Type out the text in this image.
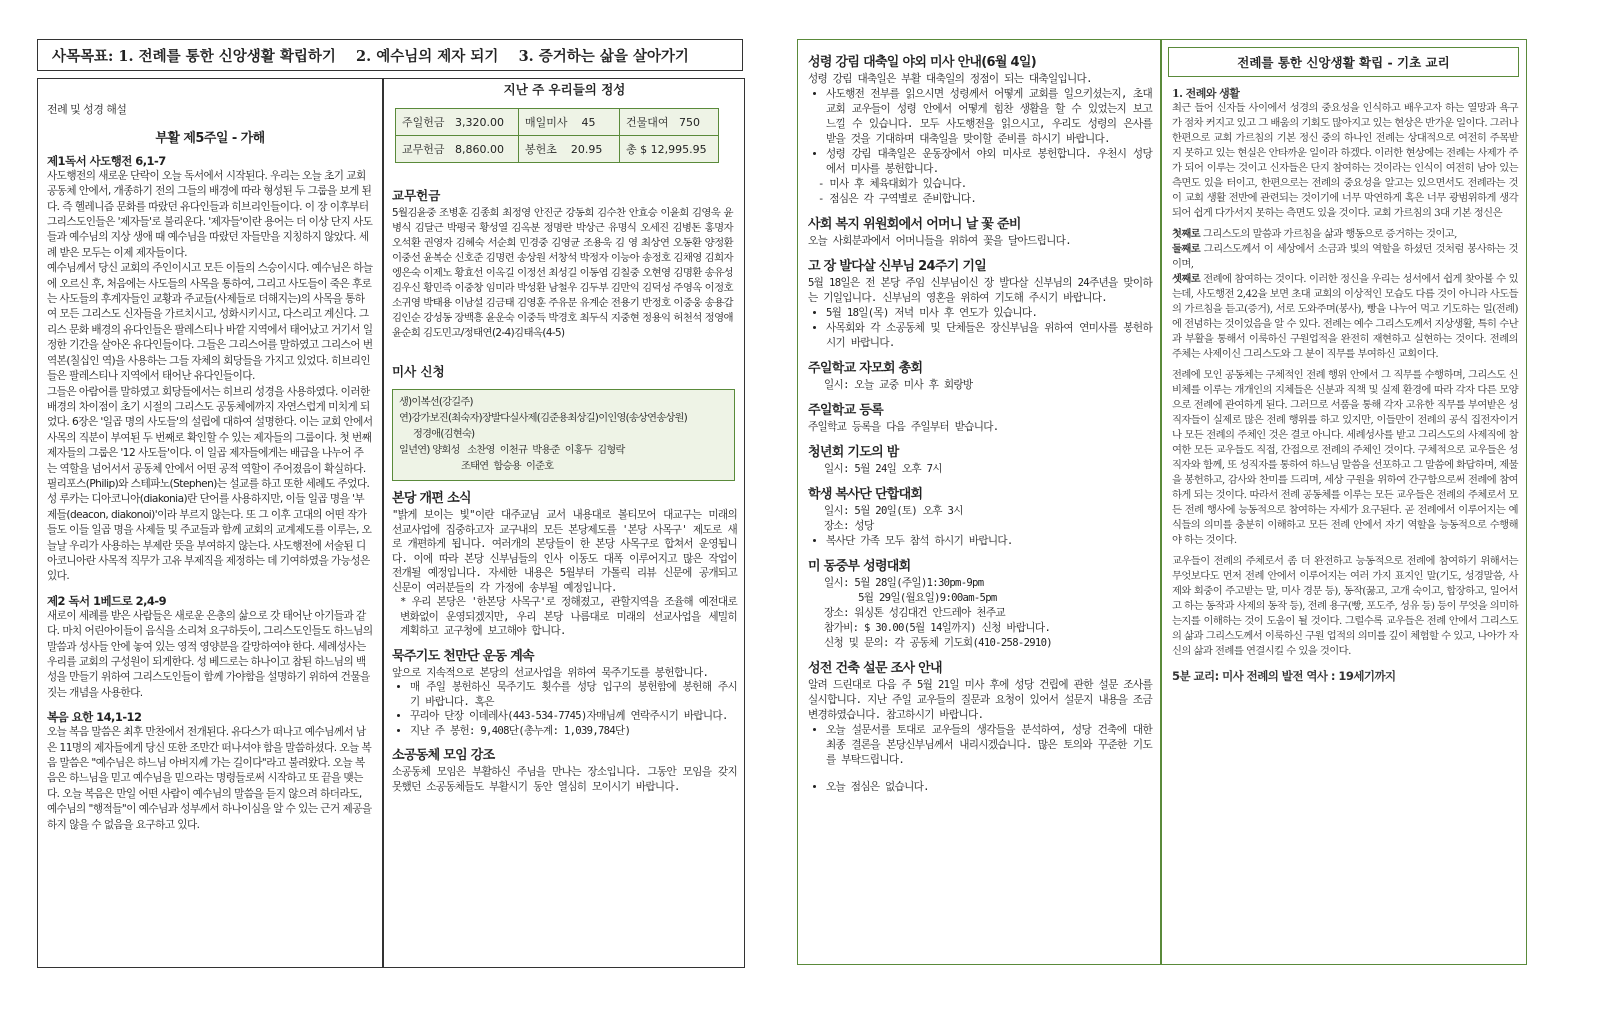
사목목표: 1. 전례를 통한 신앙생활 확립하기    2. 예수님의 제자 되기    3. 증거하는 삶을 살아가기

전례 및 성경 해설

부활 제5주일 - 가해

제1독서 사도행전 6,1-7

사도행전의 새로운 단락이 오늘 독서에서 시작된다. 우리는 오늘 초기 교회 공동체 안에서, 개종하기 전의 그들의 배경에 따라 형성된 두 그룹을 보게 된다. 즉 헬레니즘 문화를 따랐던 유다인들과 히브리인들이다. 이 장 이후부터 그리스도인들은 '제자들'로 불리운다. '제자들'이란 용어는 더 이상 단지 사도들과 예수님의 지상 생애 때 예수님을 따랐던 자들만을 지칭하지 않았다. 세례 받은 모두는 이제 제자들이다.
예수님께서 당신 교회의 주인이시고 모든 이들의 스승이시다. 예수님은 하늘에 오르신 후, 처음에는 사도들의 사목을 통하여, 그리고 사도들이 죽은 후로는 사도들의 후계자들인 교황과 주교들(사제들로 더해지는)의 사목을 통하여 모든 그리스도 신자들을 가르치시고, 성화시키시고, 다스리고 계신다. 그리스 문화 배경의 유다인들은 팔레스티나 바깥 지역에서 태어났고 거기서 일정한 기간을 살아온 유다인들이다. 그들은 그리스어를 말하였고 그리스어 번역본(칠십인 역)을 사용하는 그들 자체의 회당들을 가지고 있었다. 히브리인들은 팔레스티나 지역에서 태어난 유다인들이다.
그들은 아람어를 말하였고 회당들에서는 히브리 성경을 사용하였다. 이러한 배경의 차이점이 초기 시절의 그리스도 공동체에까지 자연스럽게 미치게 되었다. 6장은 '일곱 명의 사도들'의 설립에 대하여 설명한다. 이는 교회 안에서 사목의 직분이 부여된 두 번째로 확인할 수 있는 제자들의 그룹이다. 첫 번째 제자들의 그룹은 '12 사도들'이다. 이 일곱 제자들에게는 배급을 나누어 주는 역할을 넘어서서 공동체 안에서 어떤 공적 역할이 주어졌음이 확실하다. 필리포스(Philip)와 스테파노(Stephen)는 설교를 하고 또한 세례도 주었다. 성 루카는 디아코니아(diakonia)란 단어를 사용하지만, 이들 일곱 명을 '부제들(deacon, diakonoi)'이라 부르지 않는다. 또 그 이후 고대의 어떤 작가들도 이들 일곱 명을 사제들 및 주교들과 함께 교회의 교계제도를 이루는, 오늘날 우리가 사용하는 부제란 뜻을 부여하지 않는다. 사도행전에 서술된 디아코니아란 사목적 직무가 고유 부제직을 제정하는 데 기여하였을 가능성은 있다.

제2 독서 1베드로 2,4-9

새로이 세례를 받은 사람들은 새로운 은총의 삶으로 갓 태어난 아기들과 같다. 마치 어린아이들이 음식을 소리쳐 요구하듯이, 그리스도인들도 하느님의 말씀과 성사들 안에 놓여 있는 영적 영양분을 갈망하여야 한다. 세례성사는 우리를 교회의 구성원이 되게한다. 성 베드로는 하나이고 참된 하느님의 백성을 만들기 위하여 그리스도인들이 함께 가야함을 설명하기 위하여 건물을 짓는 개념을 사용한다.

복음 요한 14,1-12

오늘 복음 말씀은 최후 만찬에서 전개된다. 유다스가 떠나고 예수님께서 남은 11명의 제자들에게 당신 또한 조만간 떠나셔야 함을 말씀하셨다. 오늘 복음 말씀은 "예수님은 하느님 아버지께 가는 길이다"라고 불려왔다. 오늘 복음은 하느님을 믿고 예수님을 믿으라는 명령들로써 시작하고 또 끝을 맺는다. 오늘 복음은 만일 어떤 사람이 예수님의 말씀을 듣지 않으려 하더라도, 예수님의 "행적들"이 예수님과 성부께서 하나이심을 알 수 있는 근거 제공을 하지 않을 수 없음을 요구하고 있다.

지난 주 우리들의 정성

주일헌금 3,320.00	매일미사 45	건물대여 750
교무헌금 8,860.00	봉헌초 20.95	총 $ 12,995.95

교무헌금

5월김윤중 조병훈 김종희 최정영 안진군 강동희 김수찬 안효승 이윤희 김영욱 윤병식 김달근 박평국 황성열 김옥분 정명란 박상근 유명식 오세진 김병돈 홍명자 오석환 권영자 김혜숙 서순희 민경중 김영균 조용욱 김 영 최상연 오동환 양정환 이중선 윤복순 신호준 김명련 송상원 서창석 박정자 이능아 송정호 김채영 김희자 엥은숙 이제노 황효선 이옥길 이정선 최성길 이동엽 김칠중 오현영 김명환 송유성 김우신 황민즉 이중창 임미라 박성환 남철우 김두부 김만익 김덕성 주영옥 이정호 소귀영 박태용 이남설 김금태 김영훈 주유문 유계순 전용기 반정호 이중웅 송용갑 김인순 강성동 장백흥 윤운숙 이중득 박경호 최두식 지중현 정용익 허천석 정영애 윤순희 김도민고/정태연(2-4)김태옥(4-5)

미사 신청

생)이복선(강길주)

연)강가보진(최숙자)장발다실사제(김준용최상길)이인영(송상연송상원)

정경애(김현숙)

일년연) 양회성   소찬영  이천규  박용준  이홍두  김형락

조태연  함승용  이준호

본당 개편 소식

"밝게 보이는 빛"이란 대주교님 교서 내용대로 볼티모어 대교구는 미래의 선교사업에 집중하고자 교구내의 모든 본당제도를 '본당 사목구' 제도로 새로 개편하게 됩니다. 여러개의 본당들이 한 본당 사목구로 합쳐서 운영됩니다. 이에 따라 본당 신부님들의 인사 이동도 대폭 이루어지고 많은 작업이 전개될 예정입니다. 자세한 내용은 5월부터 가톨릭 리뷰 신문에 공개되고 신문이 여러분들의 각 가정에 송부될 예정입니다.

* 우리 본당은 '한본당 사목구'로 정해졌고, 관할지역을 조율해 예전대로 변화없이 운영되겠지만, 우리 본당 나름대로 미래의 선교사업을 세밀히 계획하고 교구청에 보고해야 합니다.

묵주기도 천만단 운동 계속

앞으로 지속적으로 본당의 선교사업을 위하여 묵주기도를 봉헌합니다.

• 매 주일 봉헌하신 묵주기도 횟수를 성당 입구의 봉헌함에 봉헌해 주시기 바랍니다. 혹은
• 꾸리아 단장 이데레사(443-534-7745)자매님께 연락주시기 바랍니다.
• 지난 주 봉헌: 9,408단(총누계: 1,039,784단)

소공동체 모임 강조

소공동체 모임은 부활하신 주님을 만나는 장소입니다. 그동안 모임을 갖지 못했던 소공동체들도 부활시기 동안 열심히 모이시기 바랍니다.

성령 강림 대축일 야외 미사 안내(6월 4일)

성령 강림 대축일은 부활 대축일의 정점이 되는 대축일입니다.

• 사도행전 전부를 읽으시면 성령께서 어떻게 교회를 일으키셨는지, 초대 교회 교우들이 성령 안에서 어떻게 힘찬 생활을 할 수 있었는지 보고 느낄 수 있습니다. 모두 사도행전을 읽으시고, 우리도 성령의 은사를 받을 것을 기대하며 대축일을 맞이할 준비를 하시기 바랍니다.
• 성령 강림 대축일은 운동장에서 야외 미사로 봉헌합니다. 우천시 성당에서 미사를 봉헌합니다.

- 미사 후 체육대회가 있습니다.

- 점심은 각 구역별로 준비합니다.

사회 복지 위원회에서 어머니 날 꽃 준비

오늘 사회분과에서 어머니들을 위하여 꽃을 달아드립니다.

고 장 발다살 신부님 24주기 기일

5월 18일은 전 본당 주임 신부님이신 장 발다살 신부님의 24주년을 맞이하는 기일입니다. 신부님의 영혼을 위하여 기도해 주시기 바랍니다.

• 5월 18일(목) 저녁 미사 후 연도가 있습니다.
• 사목회와 각 소공동체 및 단체들은 장신부님을 위하여 연미사를 봉헌하시기 바랍니다.

주일학교 자모회 총회

일시: 오늘 교중 미사 후 회랑방

주일학교 등록

주일학교 등록을 다음 주일부터 받습니다.

청년회 기도의 밤

일시: 5월 24일 오후 7시

학생 복사단 단합대회

일시: 5월 20일(토) 오후 3시

장소: 성당

• 복사단 가족 모두 참석 하시기 바랍니다.

미 동중부 성령대회

일시: 5월 28일(주일)1:30pm-9pm

5월 29일(월요일)9:00am-5pm

장소: 워싱톤 성김대건 안드레아 천주교

참가비: $ 30.00(5월 14일까지) 신청 바랍니다.

신청 및 문의: 각 공동체 기도회(410-258-2910)

성전 건축 설문 조사 안내

알려 드린대로 다음 주 5월 21일 미사 후에 성당 건립에 관한 설문 조사를 실시합니다. 지난 주일 교우들의 질문과 요청이 있어서 설문지 내용을 조금 변경하였습니다. 참고하시기 바랍니다.

• 오늘 설문서를 토대로 교우들의 생각들을 분석하여, 성당 건축에 대한 최종 결론을 본당신부님께서 내리시겠습니다. 많은 토의와 꾸준한 기도를 부탁드립니다.
• 오늘 점심은 없습니다.
전례를 통한 신앙생활 확립 - 기초 교리

1. 전례와 생활

최근 들어 신자들 사이에서 성경의 중요성을 인식하고 배우고자 하는 열망과 욕구가 점차 커지고 있고 그 배움의 기회도 많아지고 있는 현상은 반가운 일이다. 그러나 한편으로 교회 가르침의 기본 정신 중의 하나인 전례는 상대적으로 여전히 주목받지 못하고 있는 현실은 안타까운 일이라 하겠다. 이러한 현상에는 전례는 사제가 주가 되어 이루는 것이고 신자들은 단지 참여하는 것이라는 인식이 여전히 남아 있는 측면도 있을 터이고, 한편으로는 전례의 중요성을 알고는 있으면서도 전례라는 것이 교회 생활 전반에 관련되는 것이기에 너무 막연하게 혹은 너무 광범위하게 생각되어 쉽게 다가서지 못하는 측면도 있을 것이다. 교회 가르침의 3대 기본 정신은

첫째로 그리스도의 말씀과 가르침을 삶과 행동으로 증거하는 것이고,

둘째로 그리스도께서 이 세상에서 소금과 빛의 역할을 하셨던 것처럼 봉사하는 것이며,

셋째로 전례에 참여하는 것이다. 이러한 정신을 우리는 성서에서 쉽게 찾아볼 수 있는데, 사도행전 2,42을 보면 초대 교회의 이상적인 모습도 다름 것이 아니라 사도들의 가르침을 듣고(증거), 서로 도와주며(봉사), 빵을 나누어 먹고 기도하는 일(전례)에 전념하는 것이었음을 알 수 있다. 전례는 예수 그리스도께서 지상생활, 특히 수난과 부활을 통해서 이룩하신 구원업적을 완전히 재현하고 실현하는 것이다. 전례의 주체는 사제이신 그리스도와 그 분이 직무를 부여하신 교회이다.

전례에 모인 공동체는 구체적인 전례 행위 안에서 그 직무를 수행하며, 그리스도 신비체를 이루는 개개인의 지체들은 신분과 직책 및 실제 환경에 따라 각자 다른 모양으로 전례에 관여하게 된다. 그러므로 서품을 통해 각자 고유한 직무를 부여받은 성직자들이 실제로 많은 전례 행위를 하고 있지만, 이들만이 전례의 공식 집전자이거나 모든 전례의 주체인 것은 결코 아니다. 세례성사를 받고 그리스도의 사제직에 참여한 모든 교우들도 직접, 간접으로 전례의 주체인 것이다. 구체적으로 교우들은 성직자와 함께, 또 성직자를 통하여 하느님 말씀을 선포하고 그 말씀에 화답하며, 제물을 봉헌하고, 감사와 찬미를 드리며, 세상 구원을 위하여 간구함으로써 전례에 참여하게 되는 것이다. 따라서 전례 공동체를 이루는 모든 교우들은 전례의 주체로서 모든 전례 행사에 능동적으로 참여하는 자세가 요구된다. 곧 전례에서 이루어지는 예식들의 의미를 충분히 이해하고 모든 전례 안에서 자기 역할을 능동적으로 수행해야 하는 것이다.

교우들이 전례의 주체로서 좀 더 완전하고 능동적으로 전례에 참여하기 위해서는 무엇보다도 먼저 전례 안에서 이루어지는 여러 가지 표지인 말(기도, 성경말씀, 사제와 회중이 주고받는 말, 미사 경문 등), 동작(꿇고, 고개 숙이고, 합장하고, 일어서고 하는 동작과 사제의 동작 등), 전례 용구(빵, 포도주, 성유 등) 등이 무엇을 의미하는지를 이해하는 것이 도움이 될 것이다. 그럴수록 교우들은 전례 안에서 그리스도의 삶과 그리스도께서 이룩하신 구원 업적의 의미를 깊이 체험할 수 있고, 나아가 자신의 삶과 전례를 연결시킬 수 있을 것이다.

5분 교리: 미사 전례의 발전 역사 : 19세기까지
